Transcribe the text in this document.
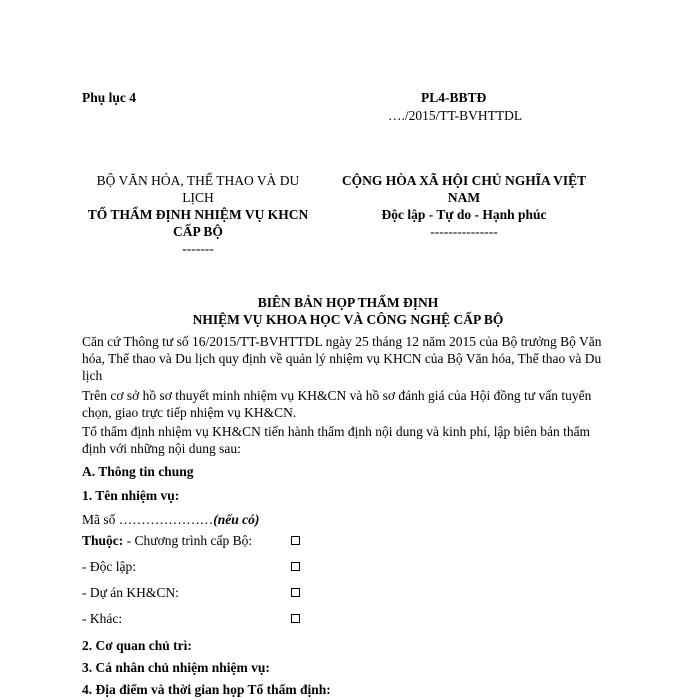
Phụ lục 4	PL4-BBTĐ
…./2015/TT-BVHTTDL
BỘ VĂN HÓA, THỂ THAO VÀ DU
LỊCH
TỔ THẨM ĐỊNH NHIỆM VỤ KHCN
CẤP BỘ
-------
CỘNG HÒA XÃ HỘI CHỦ NGHĨA VIỆT
NAM
Độc lập - Tự do - Hạnh phúc
---------------
BIÊN BẢN HỌP THẨM ĐỊNH
NHIỆM VỤ KHOA HỌC VÀ CÔNG NGHỆ CẤP BỘ
Căn cứ Thông tư số 16/2015/TT-BVHTTDL ngày 25 tháng 12 năm 2015 của Bộ trưởng Bộ Văn hóa, Thể thao và Du lịch quy định về quản lý nhiệm vụ KHCN của Bộ Văn hóa, Thể thao và Du lịch
Trên cơ sở hồ sơ thuyết minh nhiệm vụ KH&CN và hồ sơ đánh giá của Hội đồng tư vấn tuyển chọn, giao trực tiếp nhiệm vụ KH&CN.
Tổ thẩm định nhiệm vụ KH&CN tiến hành thẩm định nội dung và kinh phí, lập biên bản thẩm định với những nội dung sau:
A. Thông tin chung
1. Tên nhiệm vụ:
Mã số …………………(nếu có)
Thuộc: - Chương trình cấp Bộ:
- Độc lập:
- Dự án KH&CN:
- Khác:
2. Cơ quan chủ trì:
3. Cá nhân chủ nhiệm nhiệm vụ:
4. Địa điểm và thời gian họp Tổ thẩm định:
